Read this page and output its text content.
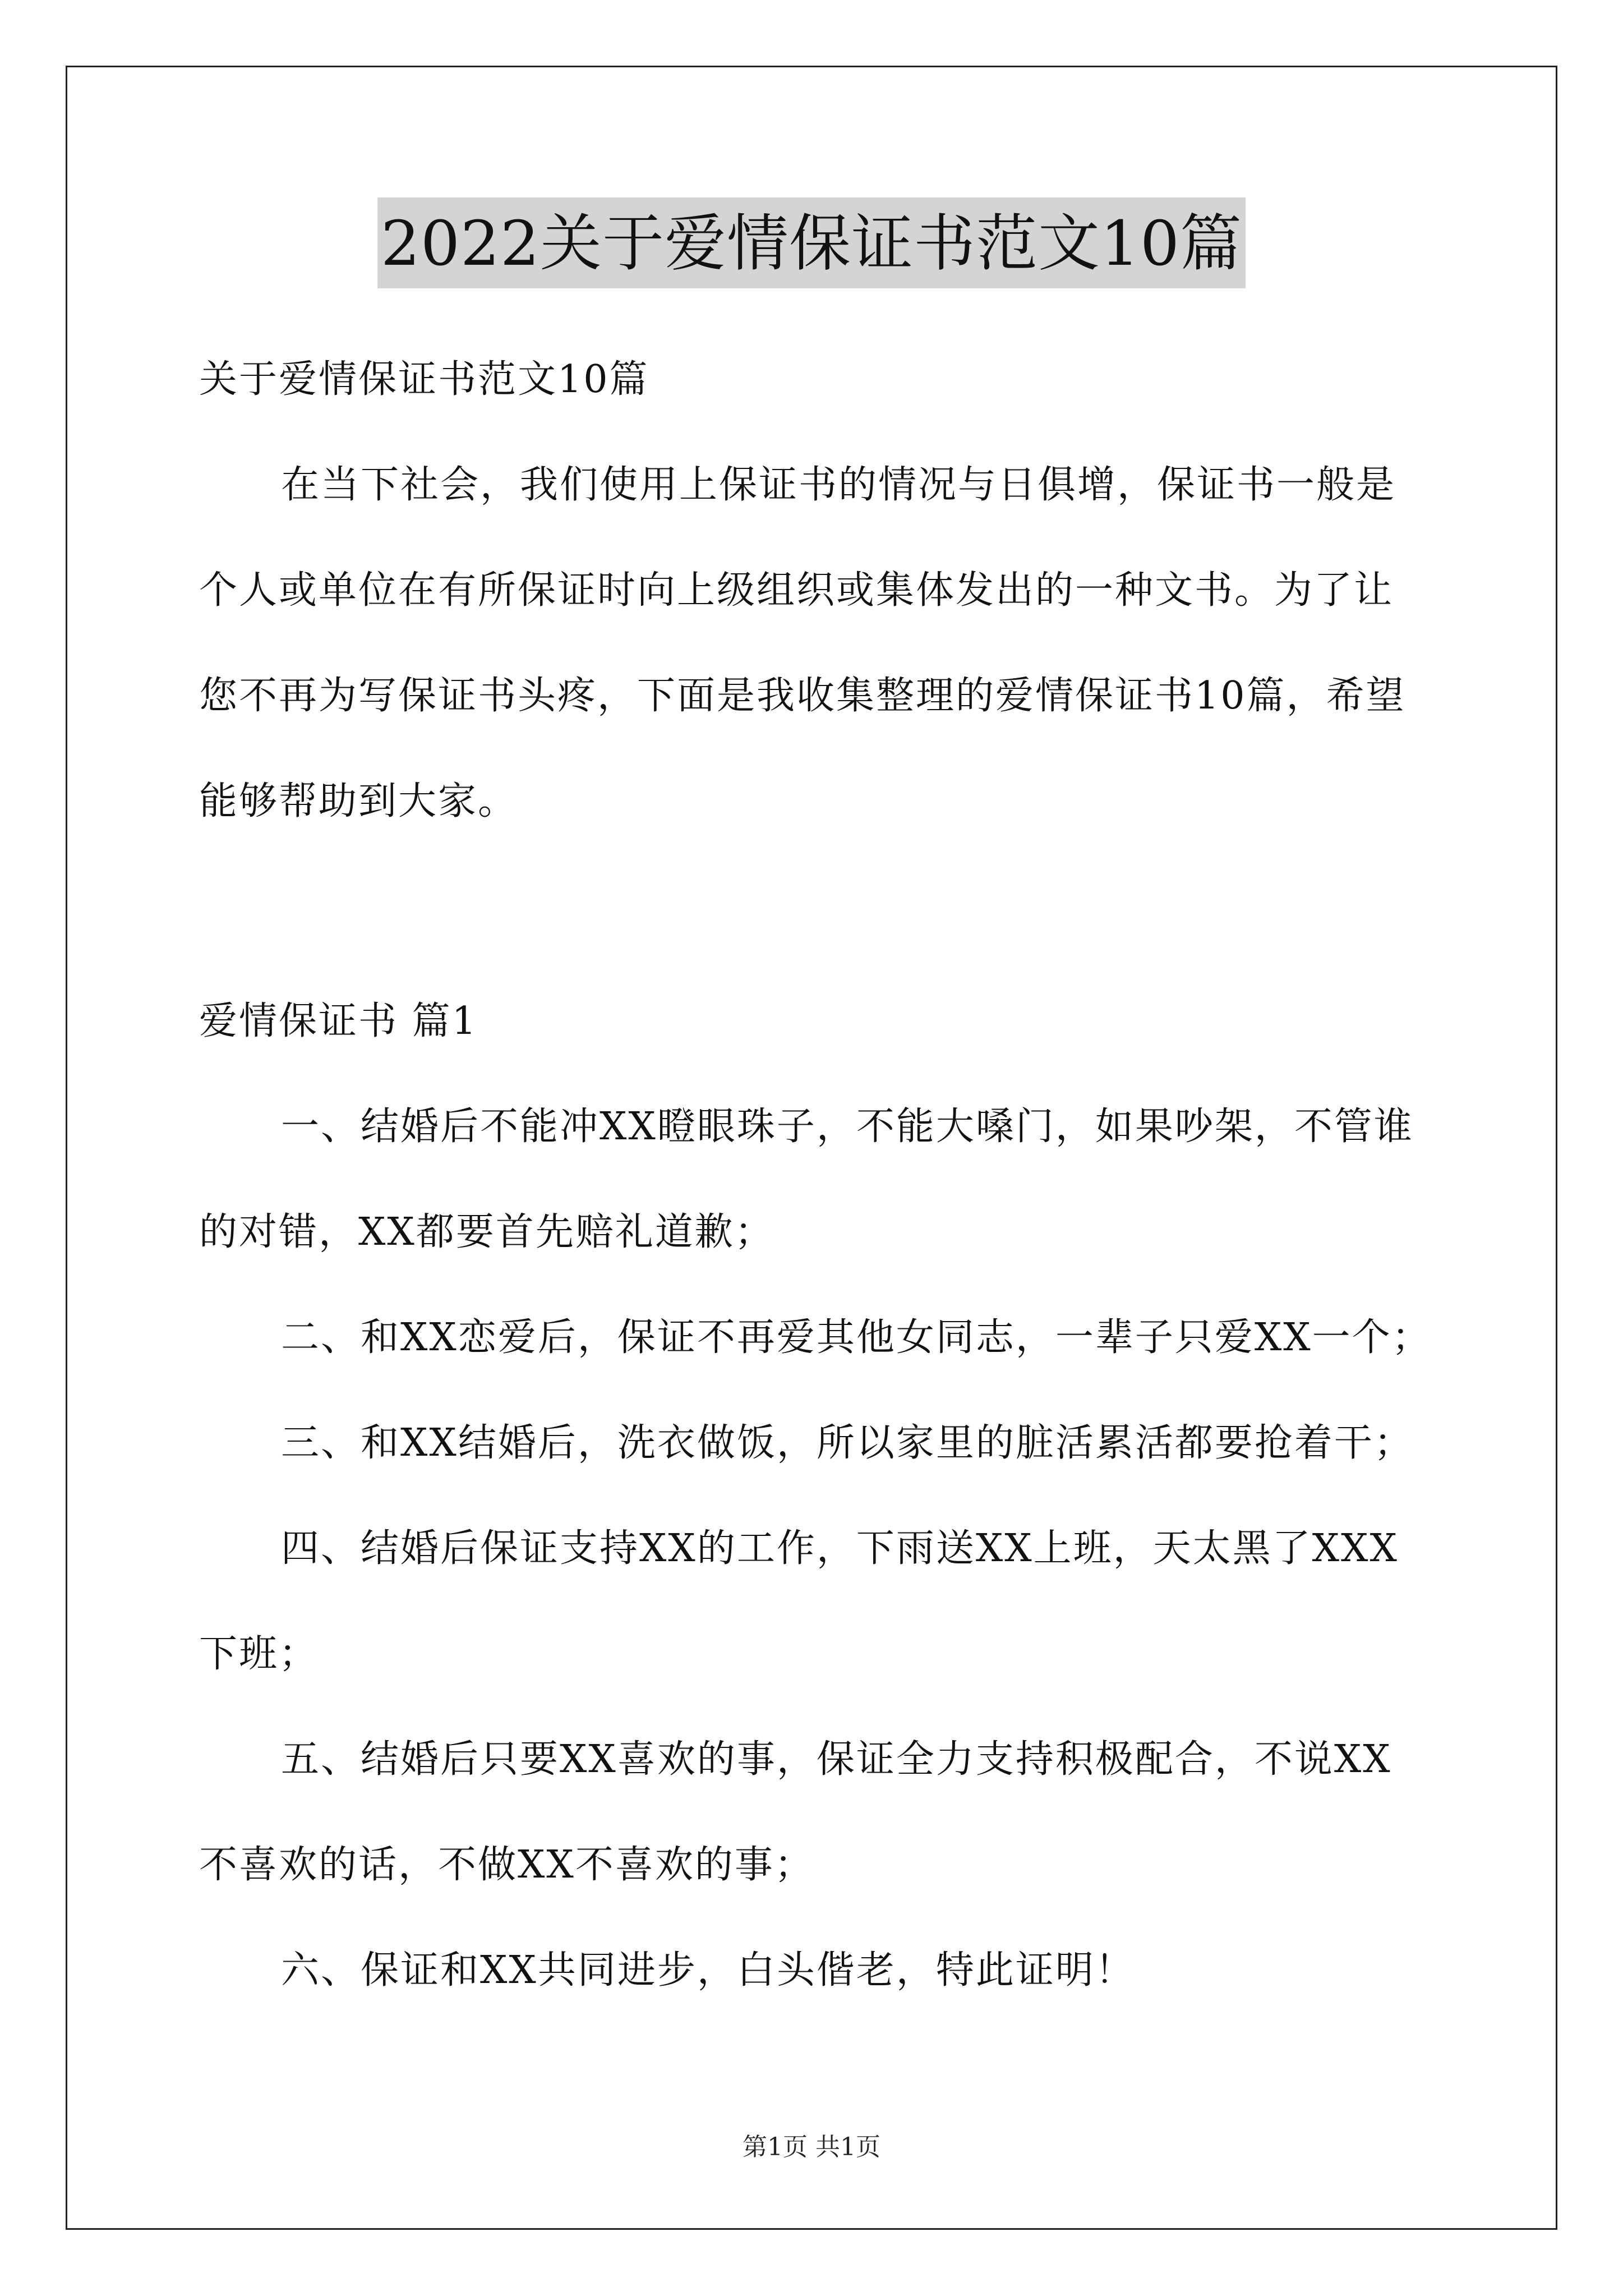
2022关于爱情保证书范文10篇
关于爱情保证书范文10篇
在当下社会，我们使用上保证书的情况与日俱增，保证书一般是
个人或单位在有所保证时向上级组织或集体发出的一种文书。为了让
您不再为写保证书头疼，下面是我收集整理的爱情保证书10篇，希望
能够帮助到大家。
爱情保证书 篇1
一、结婚后不能冲XX瞪眼珠子，不能大嗓门，如果吵架，不管谁
的对错，XX都要首先赔礼道歉；
二、和XX恋爱后，保证不再爱其他女同志，一辈子只爱XX一个；
三、和XX结婚后，洗衣做饭，所以家里的脏活累活都要抢着干；
四、结婚后保证支持XX的工作，下雨送XX上班，天太黑了XXX
下班；
五、结婚后只要XX喜欢的事，保证全力支持积极配合，不说XX
不喜欢的话，不做XX不喜欢的事；
六、保证和XX共同进步，白头偕老，特此证明！
第1页 共1页
